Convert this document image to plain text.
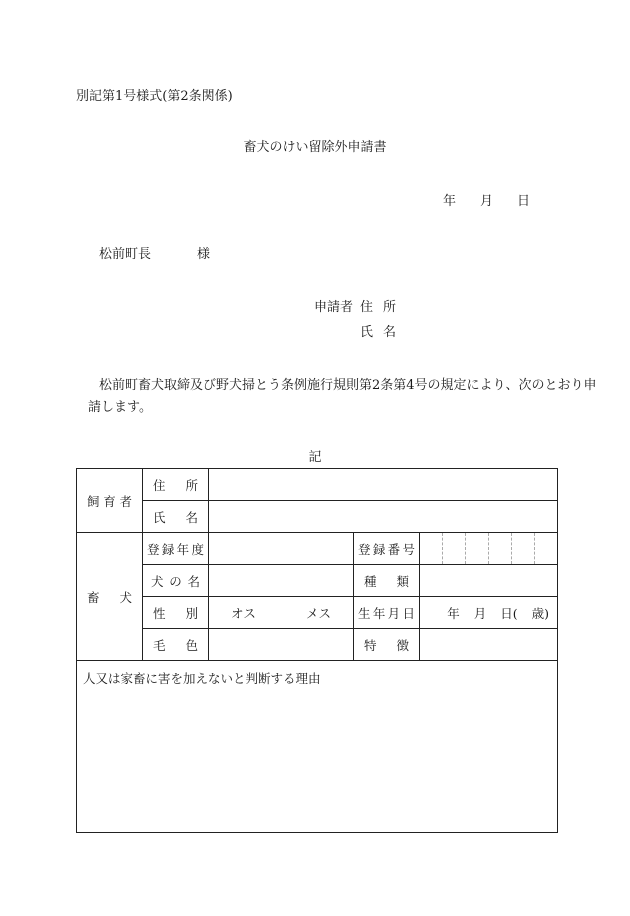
別記第1号様式(第2条関係)
畜犬のけい留除外申請書
年 月 日
松前町長	様
申請者 住 所
氏 名
松前町畜犬取締及び野犬掃とう条例施行規則第2条第4号の規定により、次のとおり申
請します。
記
飼 育 者	住 所			

	氏 名			

畜 犬	登 録 年 度		登 録 番 号	

	犬 の 名		種 類	

	性 別	オス メス	生 年 月 日	年 月 日( 歳)

	毛 色		特 徴	

人又は家畜に害を加えないと判断する理由				
